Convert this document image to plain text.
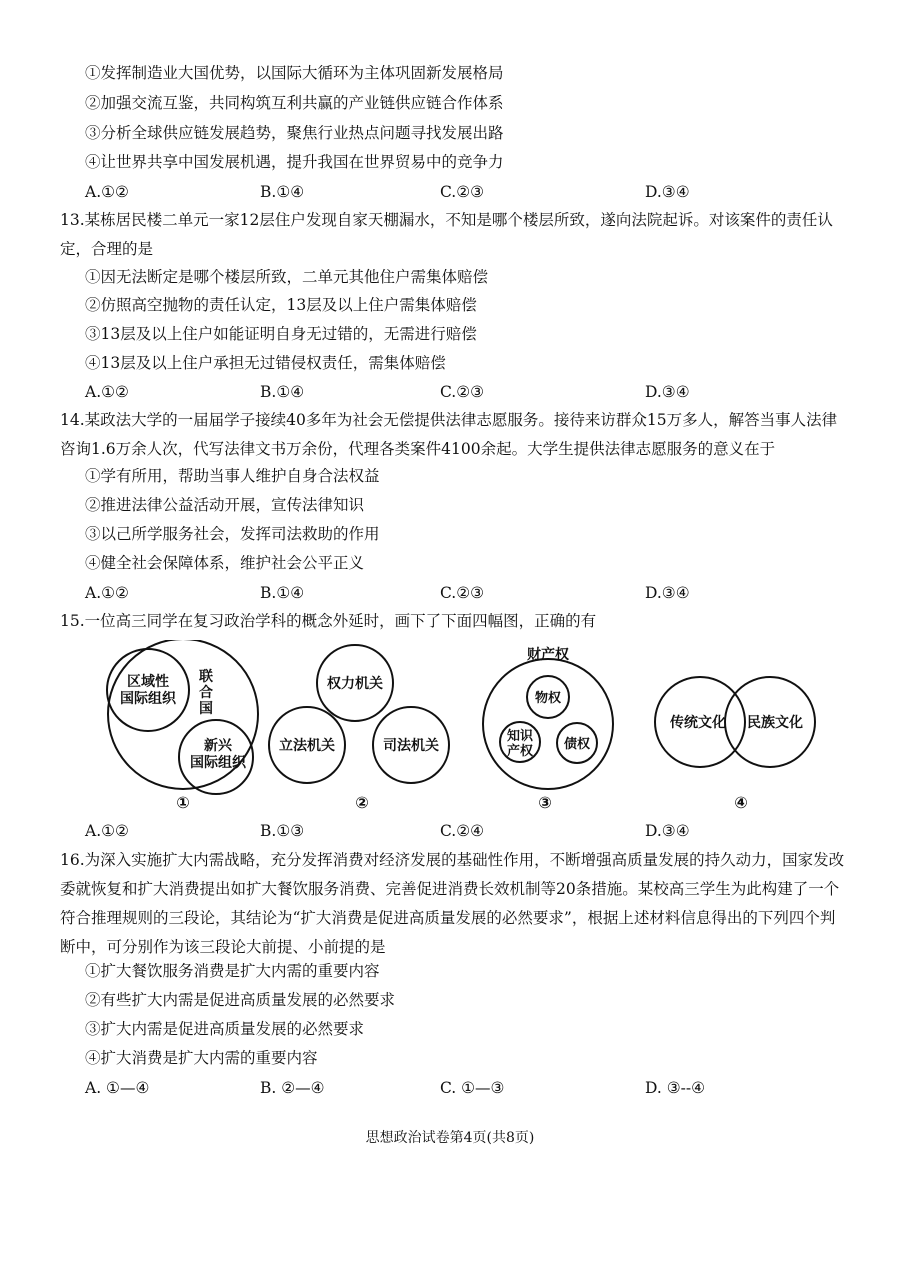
①发挥制造业大国优势，以国际大循环为主体巩固新发展格局
②加强交流互鉴，共同构筑互利共赢的产业链供应链合作体系
③分析全球供应链发展趋势，聚焦行业热点问题寻找发展出路
④让世界共享中国发展机遇，提升我国在世界贸易中的竞争力
A.①②	B.①④	C.②③	D.③④
13.某栋居民楼二单元一家12层住户发现自家天棚漏水，不知是哪个楼层所致，遂向法院起诉。对该案件的责任认定，合理的是
①因无法断定是哪个楼层所致，二单元其他住户需集体赔偿
②仿照高空抛物的责任认定，13层及以上住户需集体赔偿
③13层及以上住户如能证明自身无过错的，无需进行赔偿
④13层及以上住户承担无过错侵权责任，需集体赔偿
A.①②	B.①④	C.②③	D.③④
14.某政法大学的一届届学子接续40多年为社会无偿提供法律志愿服务。接待来访群众15万多人，解答当事人法律咨询1.6万余人次，代写法律文书万余份，代理各类案件4100余起。大学生提供法律志愿服务的意义在于
①学有所用，帮助当事人维护自身合法权益
②推进法律公益活动开展，宣传法律知识
③以己所学服务社会，发挥司法救助的作用
④健全社会保障体系，维护社会公平正义
A.①②	B.①④	C.②③	D.③④
15.一位高三同学在复习政治学科的概念外延时，画下了下面四幅图，正确的有
区域性
国际组织
联
合
国
新兴
国际组织
①
权力机关
立法机关	司法机关
②
财产权
物权
知识
产权 债权
③
传统文化 民族文化
④
A.①②	B.①③	C.②④	D.③④
16.为深入实施扩大内需战略，充分发挥消费对经济发展的基础性作用，不断增强高质量发展的持久动力，国家发改委就恢复和扩大消费提出如扩大餐饮服务消费、完善促进消费长效机制等20条措施。某校高三学生为此构建了一个符合推理规则的三段论，其结论为“扩大消费是促进高质量发展的必然要求”，根据上述材料信息得出的下列四个判断中，可分别作为该三段论大前提、小前提的是
①扩大餐饮服务消费是扩大内需的重要内容
②有些扩大内需是促进高质量发展的必然要求
③扩大内需是促进高质量发展的必然要求
④扩大消费是扩大内需的重要内容
A. ①—④	B. ②—④	C. ①—③	D. ③--④
思想政治试卷第4页(共8页)
